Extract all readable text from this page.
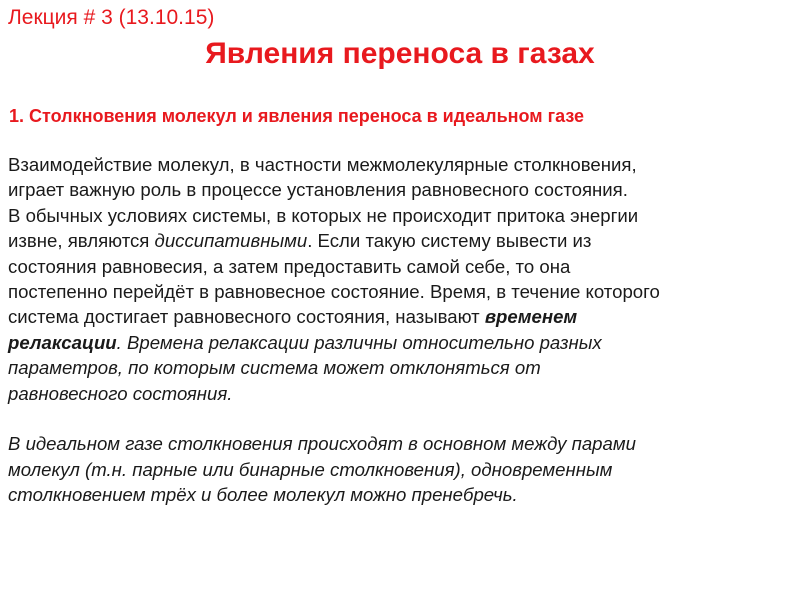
Лекция # 3 (13.10.15)
Явления переноса в газах
1. Столкновения молекул и явления переноса в идеальном газе
Взаимодействие молекул, в частности межмолекулярные столкновения,
играет важную роль в процессе установления равновесного состояния.
В обычных условиях системы, в которых не происходит притока энергии
извне, являются диссипативными. Если такую систему вывести из
состояния равновесия, а затем предоставить самой себе, то она
постепенно перейдёт в равновесное состояние. Время, в течение которого
система достигает равновесного состояния, называют временем
релаксации. Времена релаксации различны относительно разных
параметров, по которым система может отклоняться от
равновесного состояния.
В идеальном газе столкновения происходят в основном между парами
молекул (т.н. парные или бинарные столкновения), одновременным
столкновением трёх и более молекул можно пренебречь.
